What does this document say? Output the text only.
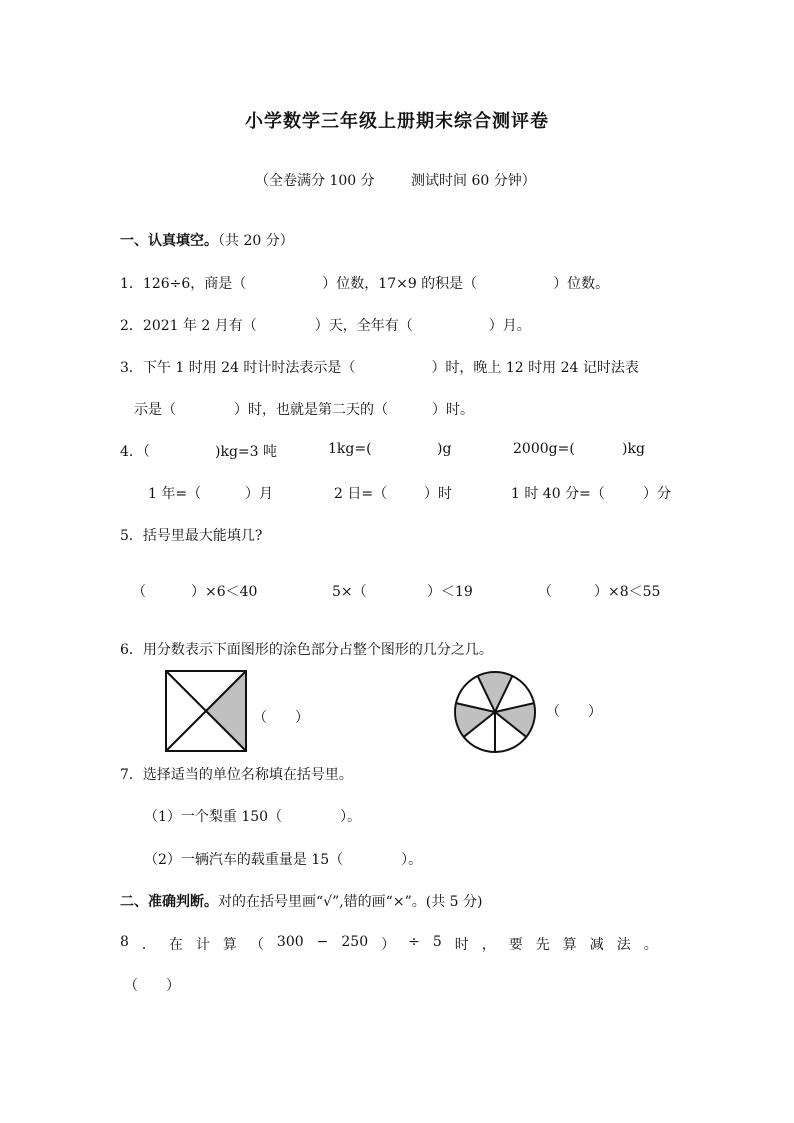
小学数学三年级上册期末综合测评卷
（全卷满分 100 分	测试时间 60 分钟）
一、认真填空。（共 20 分）
1．126÷6，商是（	）位数，17×9 的积是（	）位数。
2．2021 年 2 月有（	）天，全年有（	）月。
3．下午 1 时用 24 时计时法表示是（	）时，晚上 12 时用 24 记时法表
示是（	）时，也就是第二天的（	）时。
4．（	)kg=3 吨	1kg=(	)g	2000g=(	)kg
1 年=（	）月	2 日=（	）时	1 时 40 分=（	）分
5．括号里最大能填几?
（	）×6＜40	5×（	）＜19	（	）×8＜55
6．用分数表示下面图形的涂色部分占整个图形的几分之几。
（　　）	（　　）
7．选择适当的单位名称填在括号里。
（1）一个梨重 150（	）。
（2）一辆汽车的载重量是 15（	）。
二、准确判断。对的在括号里画“√”,错的画“×”。(共 5 分)
8 ． 在 计 算 （ 300 − 250 ） ÷ 5 时 ， 要 先 算 减 法 。
（　　）
